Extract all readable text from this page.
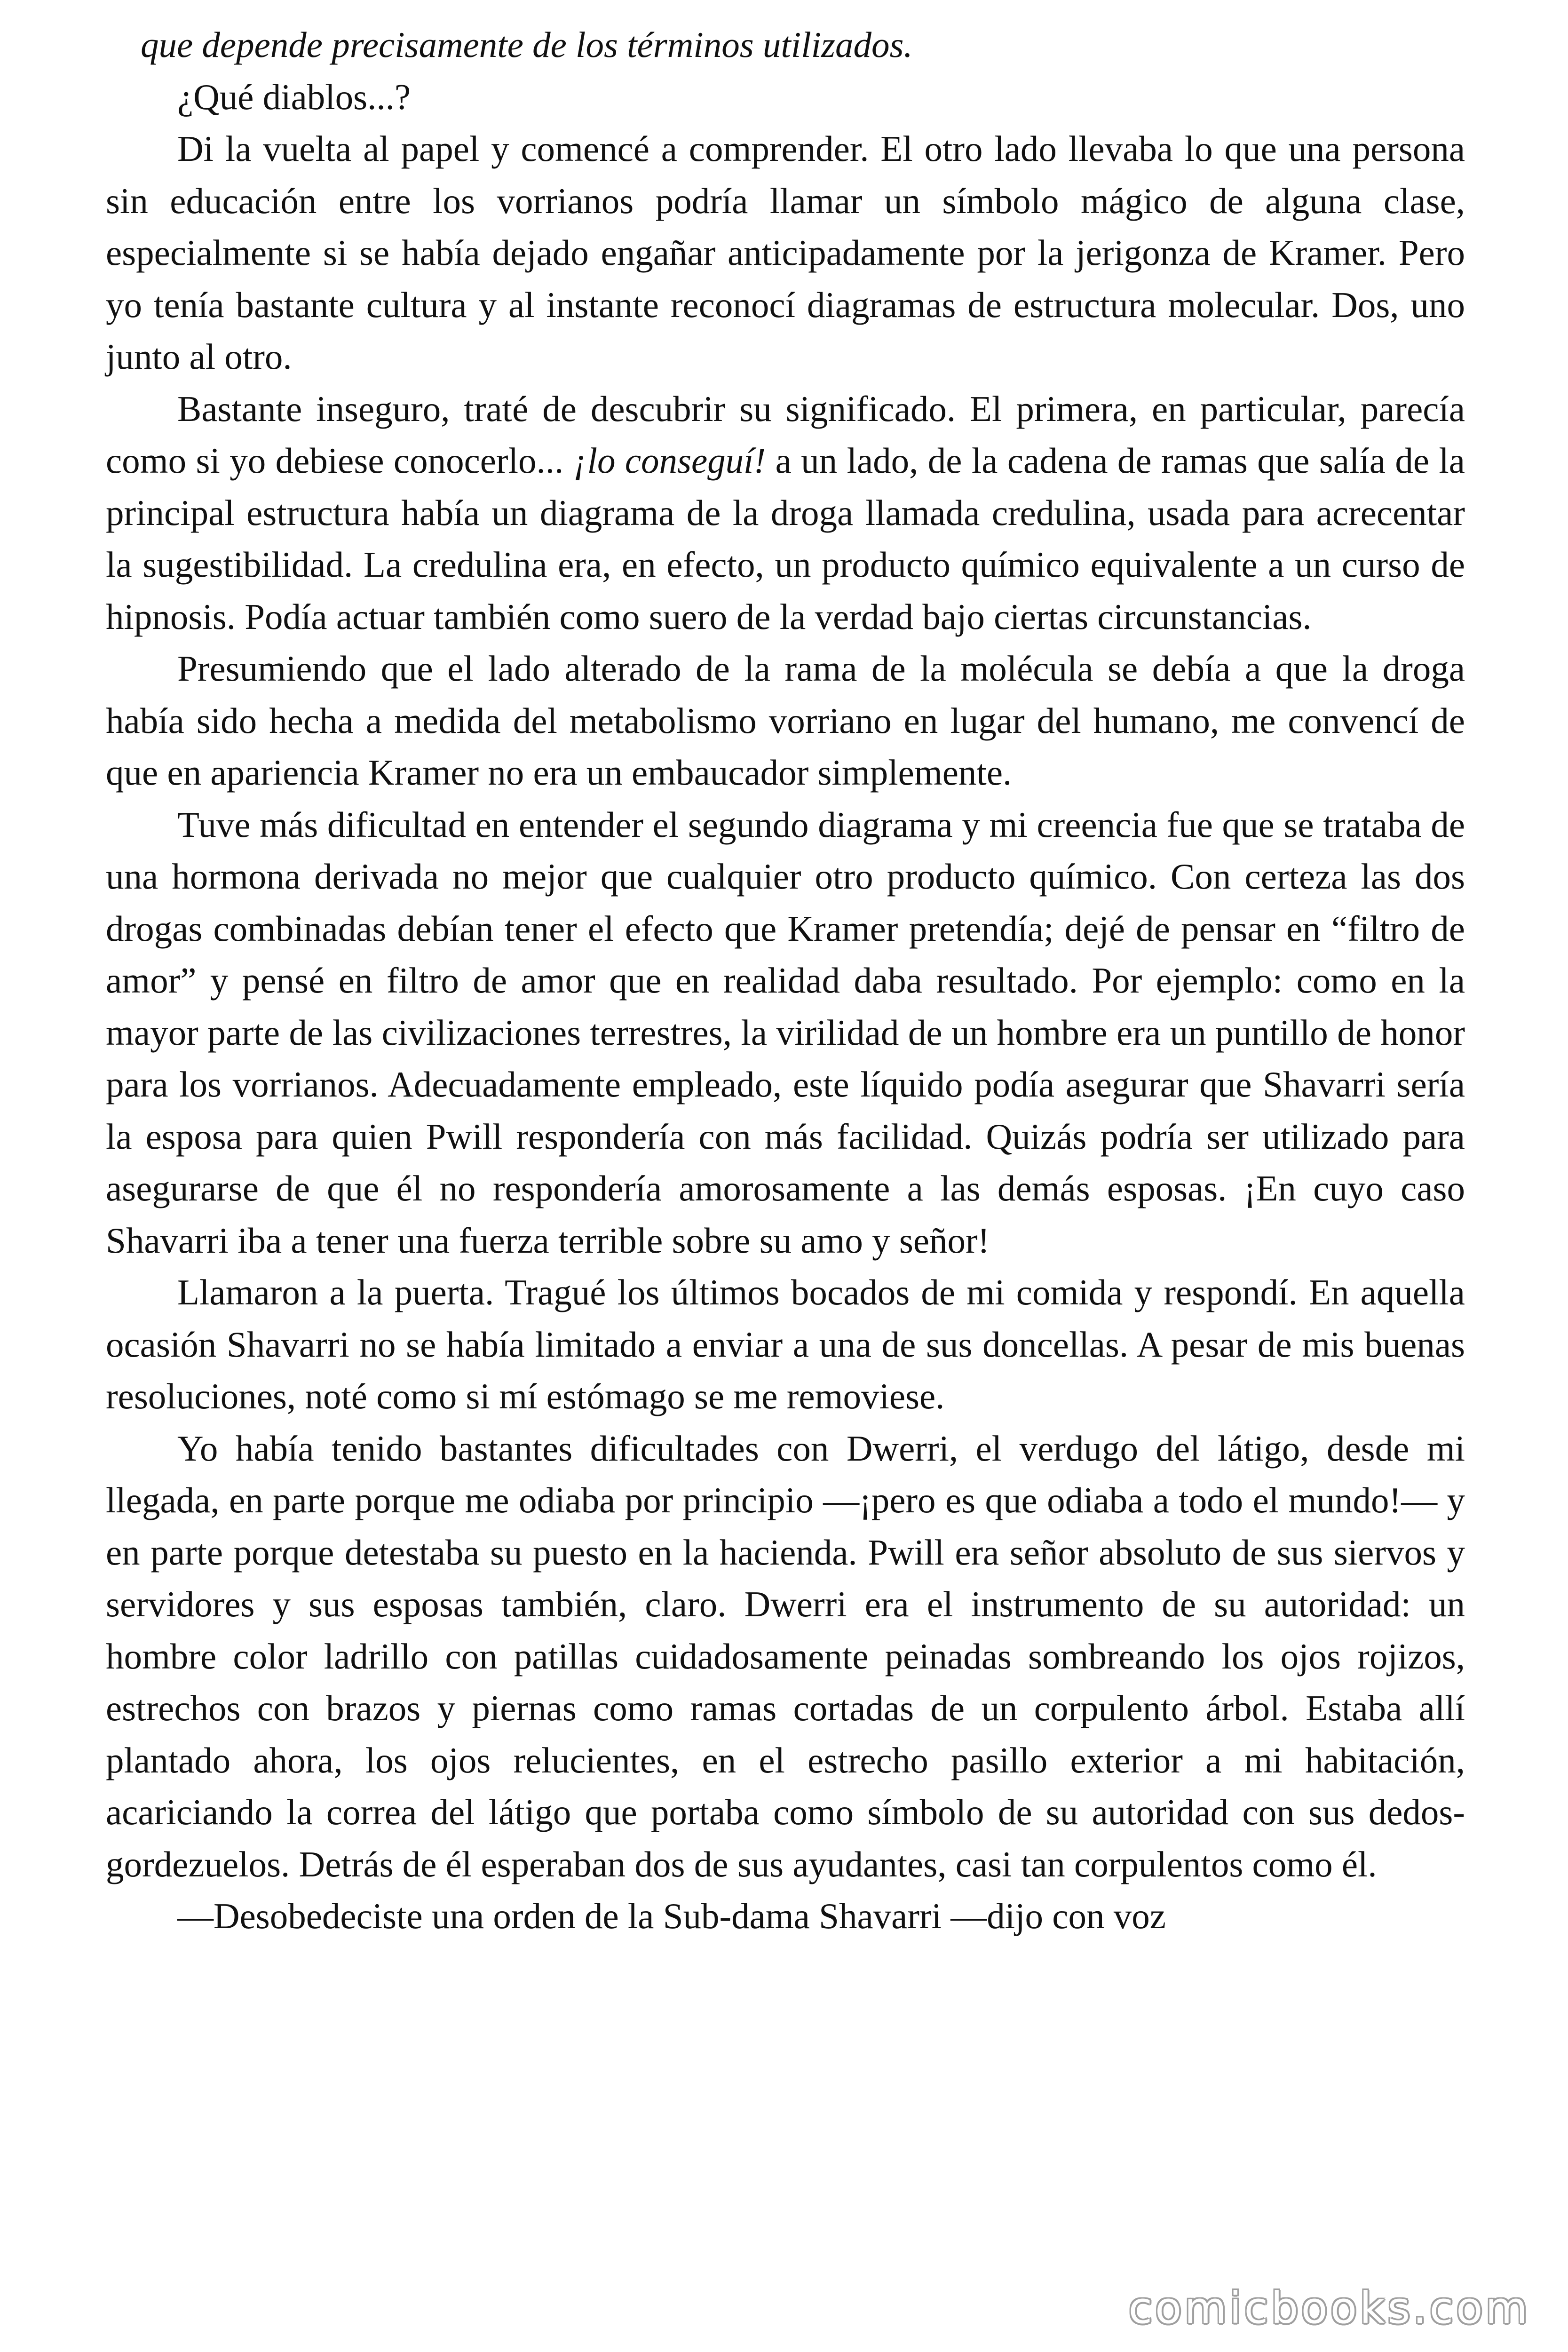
que depende precisamente de los términos utilizados.

¿Qué diablos...?

Di la vuelta al papel y comencé a comprender. El otro lado llevaba lo que una persona sin educación entre los vorrianos podría llamar un símbolo mágico de alguna clase, especialmente si se había dejado engañar anticipadamente por la jerigonza de Kramer. Pero yo tenía bastante cultura y al instante reconocí diagramas de estructura molecular. Dos, uno junto al otro.

Bastante inseguro, traté de descubrir su significado. El primera, en particular, parecía como si yo debiese conocerlo... ¡lo conseguí! a un lado, de la cadena de ramas que salía de la principal estructura había un diagrama de la droga llamada credulina, usada para acrecentar la sugestibilidad. La credulina era, en efecto, un producto químico equivalente a un curso de hipnosis. Podía actuar también como suero de la verdad bajo ciertas circunstancias.

Presumiendo que el lado alterado de la rama de la molécula se debía a que la droga había sido hecha a medida del metabolismo vorriano en lugar del humano, me convencí de que en apariencia Kramer no era un embaucador simplemente.

Tuve más dificultad en entender el segundo diagrama y mi creencia fue que se trataba de una hormona derivada no mejor que cualquier otro producto químico. Con certeza las dos drogas combinadas debían tener el efecto que Kramer pretendía; dejé de pensar en “filtro de amor” y pensé en filtro de amor que en realidad daba resultado. Por ejemplo: como en la mayor parte de las civilizaciones terrestres, la virilidad de un hombre era un puntillo de honor para los vorrianos. Adecuadamente empleado, este líquido podía asegurar que Shavarri sería la esposa para quien Pwill respondería con más facilidad. Quizás podría ser utilizado para asegurarse de que él no respondería amorosamente a las demás esposas. ¡En cuyo caso Shavarri iba a tener una fuerza terrible sobre su amo y señor!

Llamaron a la puerta. Tragué los últimos bocados de mi comida y respondí. En aquella ocasión Shavarri no se había limitado a enviar a una de sus doncellas. A pesar de mis buenas resoluciones, noté como si mí estómago se me removiese.

Yo había tenido bastantes dificultades con Dwerri, el verdugo del látigo, desde mi llegada, en parte porque me odiaba por principio —¡pero es que odiaba a todo el mundo!— y en parte porque detestaba su puesto en la hacienda. Pwill era señor absoluto de sus siervos y servidores y sus esposas también, claro. Dwerri era el instrumento de su autoridad: un hombre color ladrillo con patillas cuidadosamente peinadas sombreando los ojos rojizos, estrechos con brazos y piernas como ramas cortadas de un corpulento árbol. Estaba allí plantado ahora, los ojos relucientes, en el estrecho pasillo exterior a mi habitación, acariciando la correa del látigo que portaba como símbolo de su autoridad con sus dedos-gordezuelos. Detrás de él esperaban dos de sus ayudantes, casi tan corpulentos como él.

—Desobedeciste una orden de la Sub-dama Shavarri —dijo con voz

comicbooks.com
